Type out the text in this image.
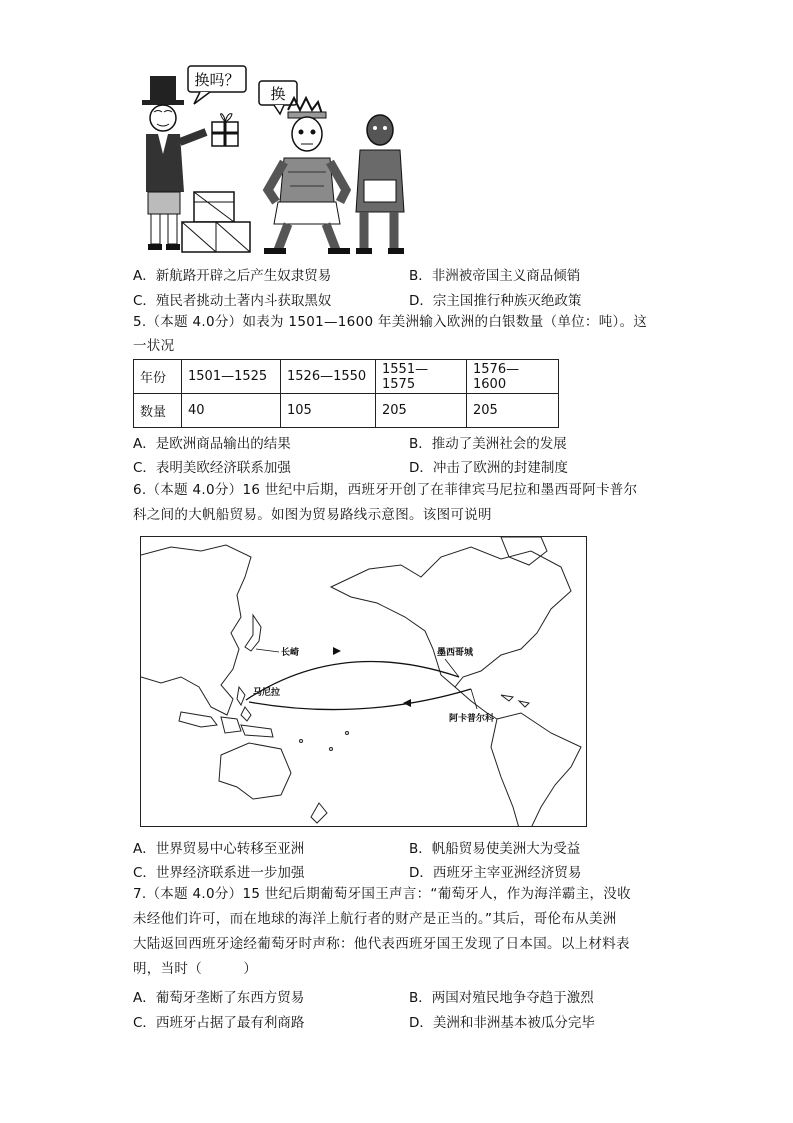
换吗？
换
A．新航路开辟之后产生奴隶贸易	B．非洲被帝国主义商品倾销
C．殖民者挑动土著内斗获取黑奴	D．宗主国推行种族灭绝政策
5.（本题 4.0分）如表为 1501—1600 年美洲输入欧洲的白银数量（单位：吨）。这
一状况
年份	1501—1525	1526—1550	1551—1575	1576—1600
数量	40	105	205	205
A．是欧洲商品输出的结果	B．推动了美洲社会的发展
C．表明美欧经济联系加强	D．冲击了欧洲的封建制度
6.（本题 4.0分）16 世纪中后期，西班牙开创了在菲律宾马尼拉和墨西哥阿卡普尔
科之间的大帆船贸易。如图为贸易路线示意图。该图可说明
长崎
马尼拉
墨西哥城
阿卡普尔科
A．世界贸易中心转移至亚洲	B．帆船贸易使美洲大为受益
C．世界经济联系进一步加强	D．西班牙主宰亚洲经济贸易
7.（本题 4.0分）15 世纪后期葡萄牙国王声言：“葡萄牙人，作为海洋霸主，没收
未经他们许可，而在地球的海洋上航行者的财产是正当的。”其后，哥伦布从美洲
大陆返回西班牙途经葡萄牙时声称：他代表西班牙国王发现了日本国。以上材料表
明，当时（　　　）
A．葡萄牙垄断了东西方贸易	B．两国对殖民地争夺趋于激烈
C．西班牙占据了最有利商路	D．美洲和非洲基本被瓜分完毕
